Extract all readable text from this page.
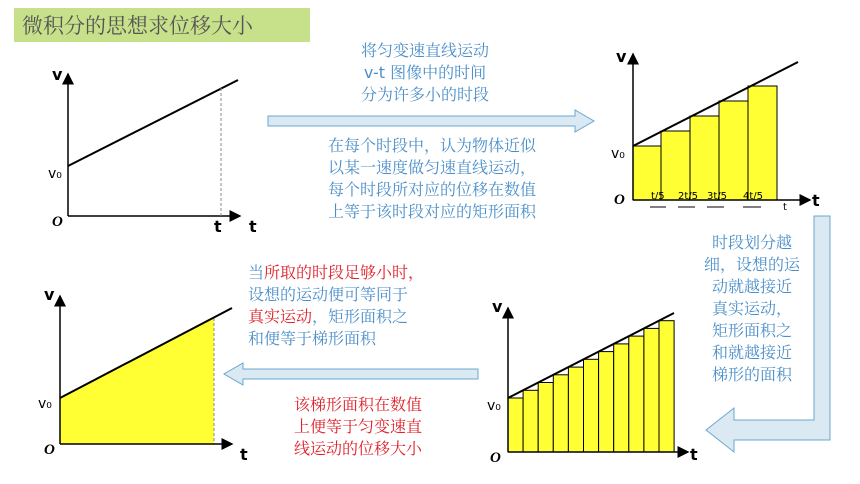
微积分的思想求位移大小
v
v₀
O	t t
v
v₀
O	t
t/5 2t/5 3t/5 4t/5
t
v
v₀
O	t
v
v₀
O	t
将匀变速直线运动
v-t 图像中的时间
分为许多小的时段
在每个时段中，认为物体近似
以某一速度做匀速直线运动，
每个时段所对应的位移在数值
上等于该时段对应的矩形面积
时段划分越
细，设想的运
动就越接近
真实运动，
矩形面积之
和就越接近
梯形的面积
当所取的时段足够小时，
设想的运动便可等同于
真实运动，矩形面积之
和便等于梯形面积
该梯形面积在数值
上便等于匀变速直
线运动的位移大小
